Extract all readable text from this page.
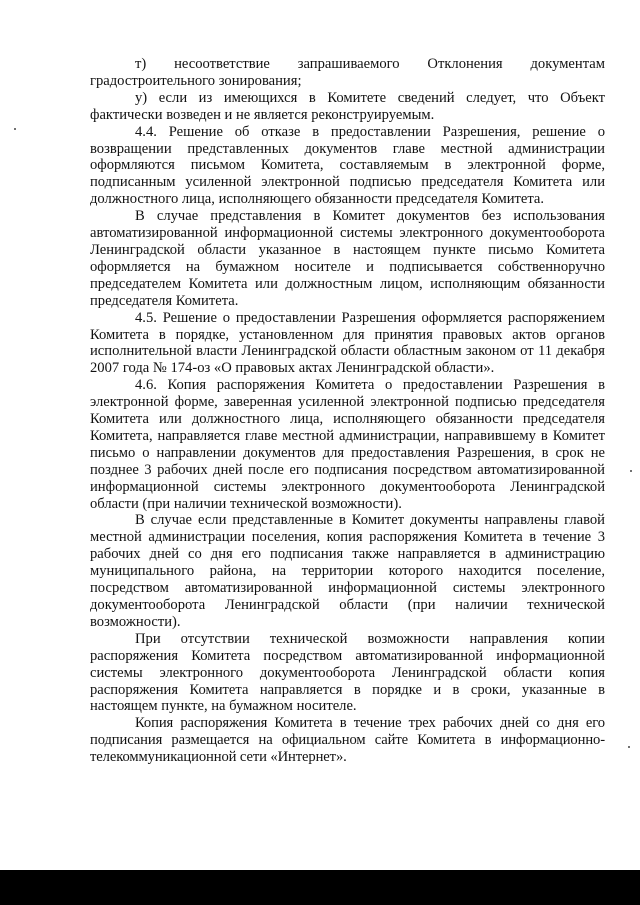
т) несоответствие запрашиваемого Отклонения документам градостроительного зонирования;

у) если из имеющихся в Комитете сведений следует, что Объект фактически возведен и не является реконструируемым.

4.4. Решение об отказе в предоставлении Разрешения, решение о возвращении представленных документов главе местной администрации оформляются письмом Комитета, составляемым в электронной форме, подписанным усиленной электронной подписью председателя Комитета или должностного лица, исполняющего обязанности председателя Комитета.

В случае представления в Комитет документов без использования автоматизированной информационной системы электронного документооборота Ленинградской области указанное в настоящем пункте письмо Комитета оформляется на бумажном носителе и подписывается собственноручно председателем Комитета или должностным лицом, исполняющим обязанности председателя Комитета.

4.5. Решение о предоставлении Разрешения оформляется распоряжением Комитета в порядке, установленном для принятия правовых актов органов исполнительной власти Ленинградской области областным законом от 11 декабря 2007 года № 174-оз «О правовых актах Ленинградской области».

4.6. Копия распоряжения Комитета о предоставлении Разрешения в электронной форме, заверенная усиленной электронной подписью председателя Комитета или должностного лица, исполняющего обязанности председателя Комитета, направляется главе местной администрации, направившему в Комитет письмо о направлении документов для предоставления Разрешения, в срок не позднее 3 рабочих дней после его подписания посредством автоматизированной информационной системы электронного документооборота Ленинградской области (при наличии технической возможности).

В случае если представленные в Комитет документы направлены главой местной администрации поселения, копия распоряжения Комитета в течение 3 рабочих дней со дня его подписания также направляется в администрацию муниципального района, на территории которого находится поселение, посредством автоматизированной информационной системы электронного документооборота Ленинградской области (при наличии технической возможности).

При отсутствии технической возможности направления копии распоряжения Комитета посредством автоматизированной информационной системы электронного документооборота Ленинградской области копия распоряжения Комитета направляется в порядке и в сроки, указанные в настоящем пункте, на бумажном носителе.

Копия распоряжения Комитета в течение трех рабочих дней со дня его подписания размещается на официальном сайте Комитета в информационно-телекоммуникационной сети «Интернет».
